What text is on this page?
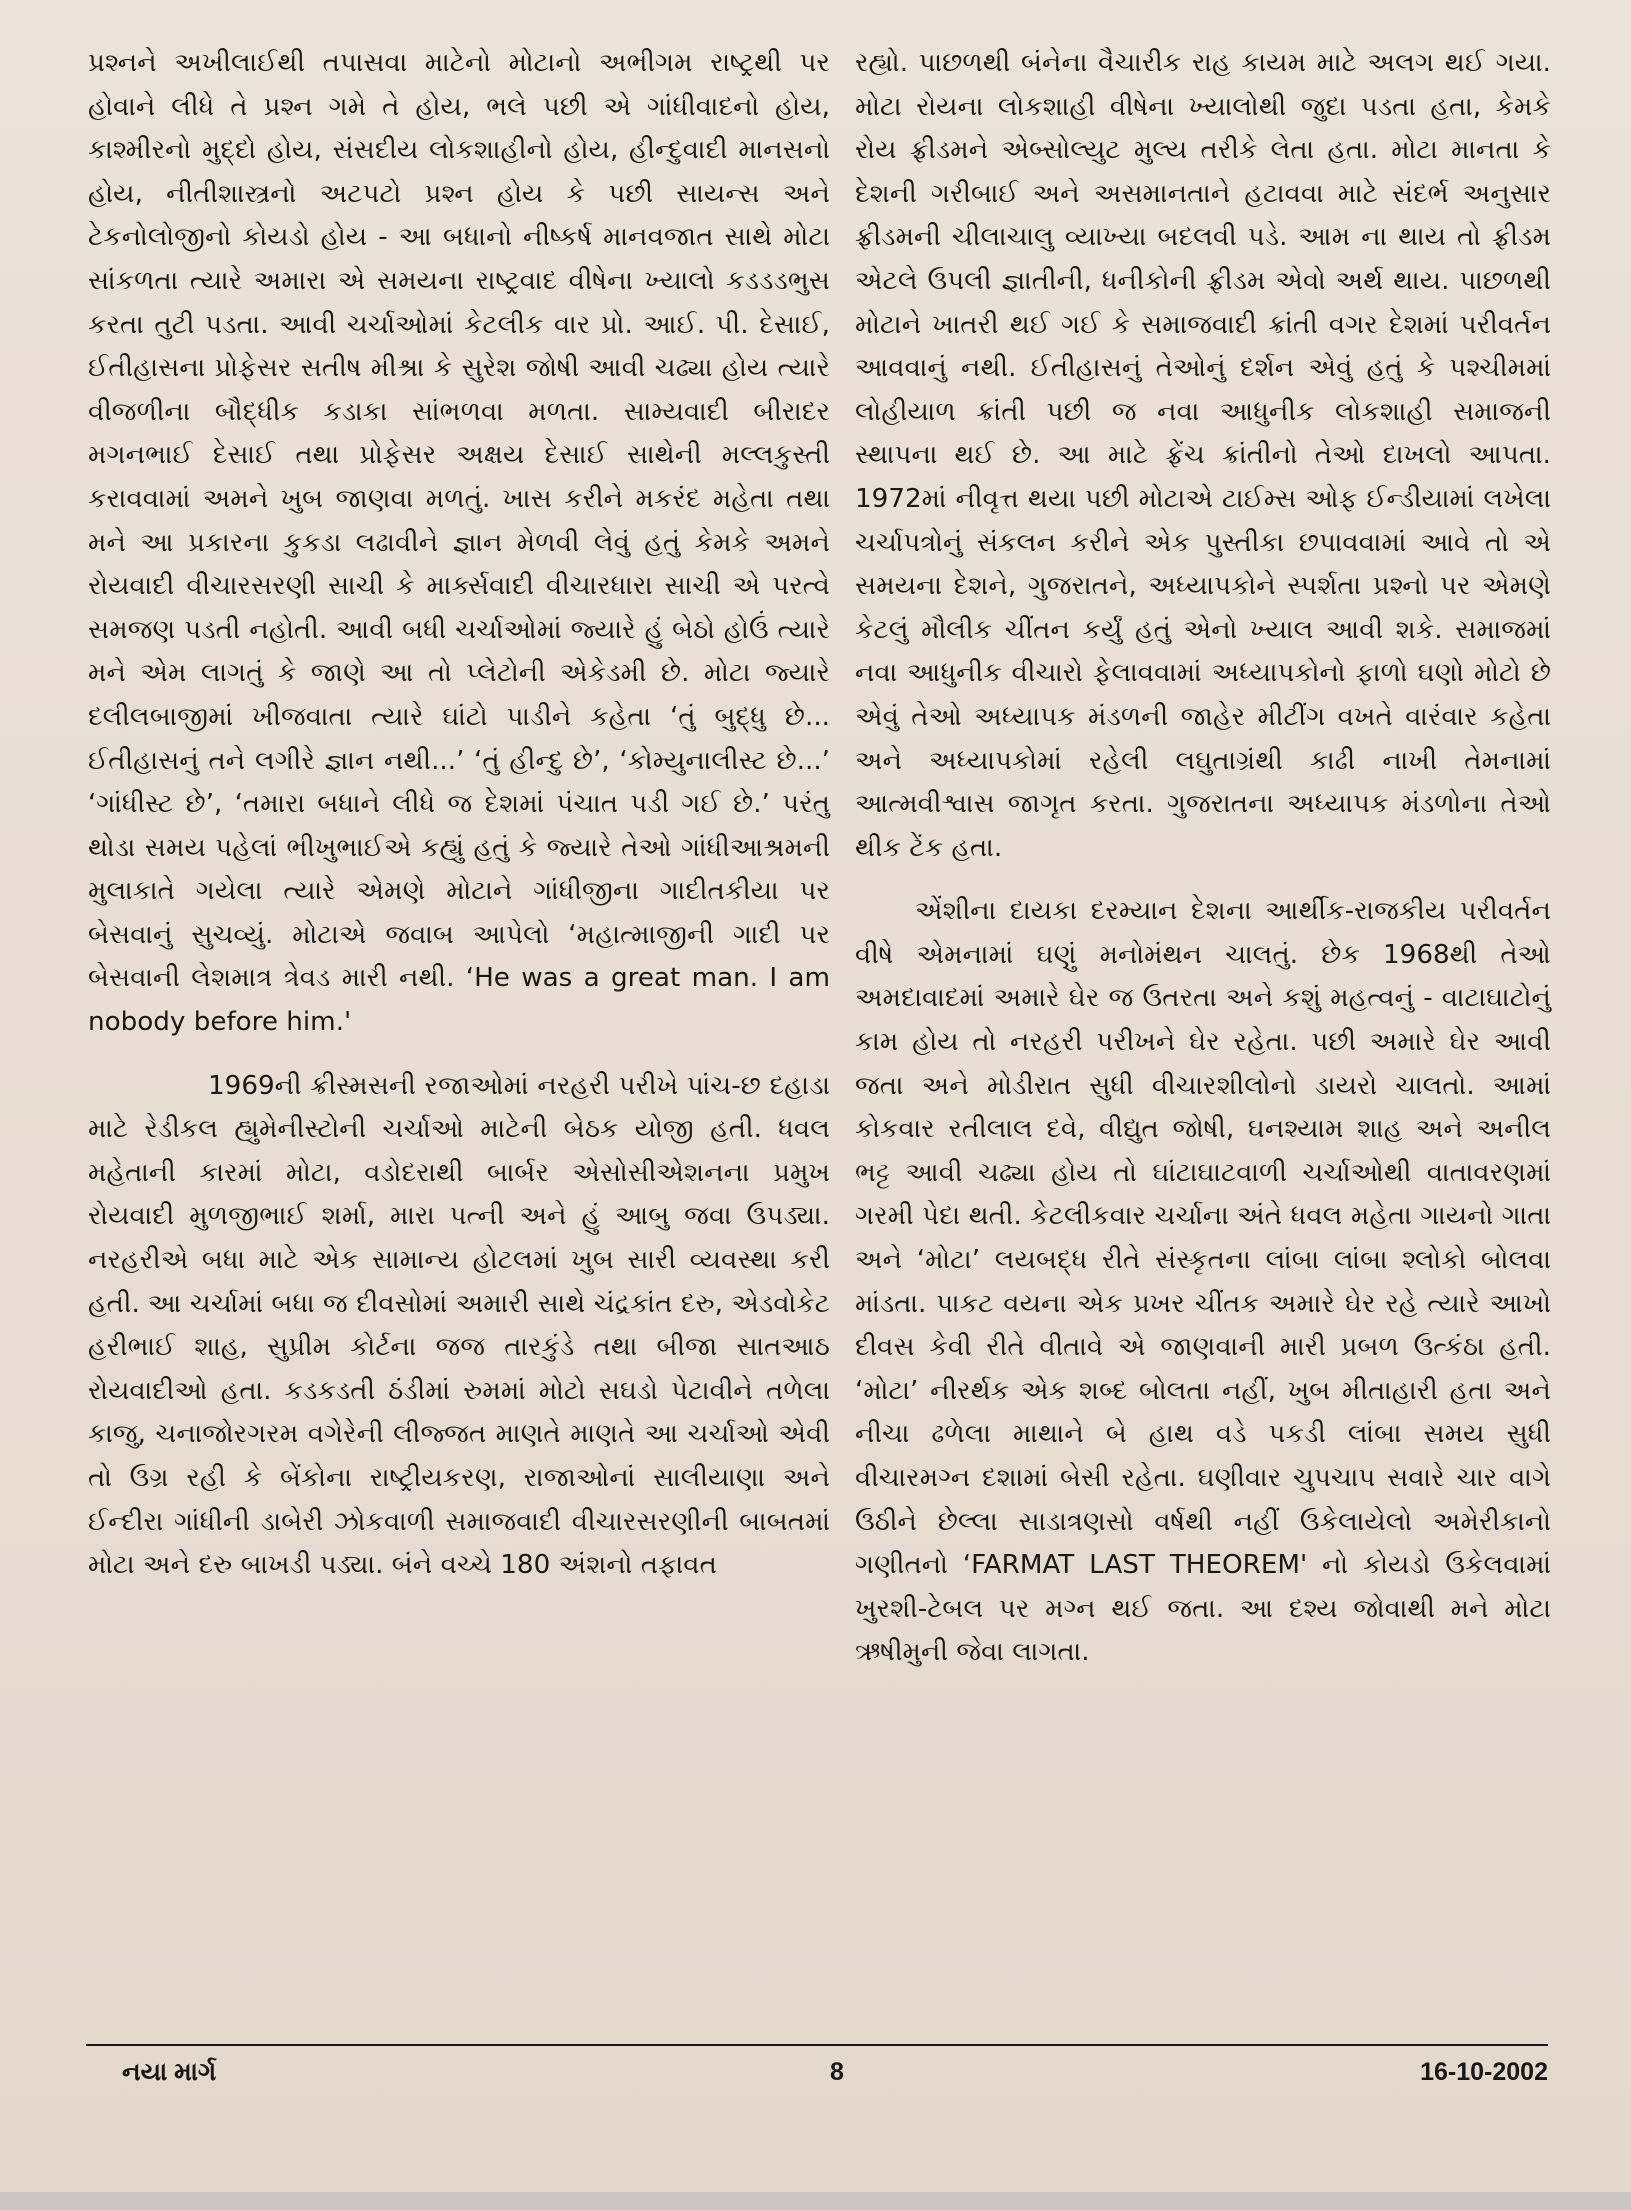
પ્રશ્નને અખીલાઈથી તપાસવા માટેનો મોટાનો અભીગમ રાષ્ટ્રથી પર હોવાને લીધે તે પ્રશ્ન ગમે તે હોય, ભલે પછી એ ગાંધીવાદનો હોય, કાશ્મીરનો મુદ્દો હોય, સંસદીય લોકશાહીનો હોય, હીન્દુવાદી માનસનો હોય, નીતીશાસ્ત્રનો અટપટો પ્રશ્ન હોય કે પછી સાયન્સ અને ટેકનોલોજીનો કોયડો હોય - આ બધાનો નીષ્કર્ષ માનવજાત સાથે મોટા સાંકળતા ત્યારે અમારા એ સમયના રાષ્ટ્રવાદ વીષેના ખ્યાલો કડડડભુસ કરતા તુટી પડતા. આવી ચર્ચાઓમાં કેટલીક વાર પ્રો. આઈ. પી. દેસાઈ, ઈતીહાસના પ્રોફેસર સતીષ મીશ્રા કે સુરેશ જોષી આવી ચઢ્યા હોય ત્યારે વીજળીના બૌદ્ધીક કડાકા સાંભળવા મળતા. સામ્યવાદી બીરાદર મગનભાઈ દેસાઈ તથા પ્રોફેસર અક્ષય દેસાઈ સાથેની મલ્લકુસ્તી કરાવવામાં અમને ખુબ જાણવા મળતું. ખાસ કરીને મકરંદ મહેતા તથા મને આ પ્રકારના કુકડા લઢાવીને જ્ઞાન મેળવી લેવું હતું કેમકે અમને રોયવાદી વીચારસરણી સાચી કે માર્ક્સવાદી વીચારધારા સાચી એ પરત્વે સમજણ પડતી નહોતી. આવી બધી ચર્ચાઓમાં જ્યારે હું બેઠો હોઉં ત્યારે મને એમ લાગતું કે જાણે આ તો પ્લેટોની એકેડમી છે. મોટા જ્યારે દલીલબાજીમાં ખીજવાતા ત્યારે ઘાંટો પાડીને કહેતા ‘તું બુદ્ધુ છે... ઈતીહાસનું તને લગીરે જ્ઞાન નથી...’ ‘તું હીન્દુ છે’, ‘કોમ્યુનાલીસ્ટ છે...’ ‘ગાંધીસ્ટ છે’, ‘તમારા બધાને લીધે જ દેશમાં પંચાત પડી ગઈ છે.’ પરંતુ થોડા સમય પહેલાં ભીખુભાઈએ કહ્યું હતું કે જ્યારે તેઓ ગાંધીઆશ્રમની મુલાકાતે ગયેલા ત્યારે એમણે મોટાને ગાંધીજીના ગાદીતકીયા પર બેસવાનું સુચવ્યું. મોટાએ જવાબ આપેલો ‘મહાત્માજીની ગાદી પર બેસવાની લેશમાત્ર ત્રેવડ મારી નથી. ‘He was a great man. I am nobody before him.'

1969ની ક્રીસ્મસની રજાઓમાં નરહરી પરીખે પાંચ-છ દહાડા માટે રેડીકલ હ્યુમેનીસ્ટોની ચર્ચાઓ માટેની બેઠક યોજી હતી. ધવલ મહેતાની કારમાં મોટા, વડોદરાથી બાર્બર એસોસીએશનના પ્રમુખ રોયવાદી મુળજીભાઈ શર્મા, મારા પત્ની અને હું આબુ જવા ઉપડ્યા. નરહરીએ બધા માટે એક સામાન્ય હોટલમાં ખુબ સારી વ્યવસ્થા કરી હતી. આ ચર્ચામાં બધા જ દીવસોમાં અમારી સાથે ચંદ્રકાંત દરુ, એડવોકેટ હરીભાઈ શાહ, સુપ્રીમ કોર્ટના જજ તારકુંડે તથા બીજા સાતઆઠ રોયવાદીઓ હતા. કડકડતી ઠંડીમાં રુમમાં મોટો સઘડો પેટાવીને તળેલા કાજુ, ચનાજોરગરમ વગેરેની લીજ્જત માણતે માણતે આ ચર્ચાઓ એવી તો ઉગ્ર રહી કે બેંકોના રાષ્ટ્રીયકરણ, રાજાઓનાં સાલીયાણા અને ઈન્દીરા ગાંધીની ડાબેરી ઝોકવાળી સમાજવાદી વીચારસરણીની બાબતમાં મોટા અને દરુ બાખડી પડ્યા. બંને વચ્ચે 180 અંશનો તફાવત

રહ્યો. પાછળથી બંનેના વૈચારીક રાહ કાયમ માટે અલગ થઈ ગયા. મોટા રોયના લોકશાહી વીષેના ખ્યાલોથી જુદા પડતા હતા, કેમકે રોય ફ્રીડમને એબ્સોલ્યુટ મુલ્ય તરીકે લેતા હતા. મોટા માનતા કે દેશની ગરીબાઈ અને અસમાનતાને હટાવવા માટે સંદર્ભ અનુસાર ફ્રીડમની ચીલાચાલુ વ્યાખ્યા બદલવી પડે. આમ ના થાય તો ફ્રીડમ એટલે ઉપલી જ્ઞાતીની, ધનીકોની ફ્રીડમ એવો અર્થ થાય. પાછળથી મોટાને ખાતરી થઈ ગઈ કે સમાજવાદી ક્રાંતી વગર દેશમાં પરીવર્તન આવવાનું નથી. ઈતીહાસનું તેઓનું દર્શન એવું હતું કે પશ્ચીમમાં લોહીયાળ ક્રાંતી પછી જ નવા આધુનીક લોકશાહી સમાજની સ્થાપના થઈ છે. આ માટે ફ્રેંચ ક્રાંતીનો તેઓ દાખલો આપતા. 1972માં નીવૃત્ત થયા પછી મોટાએ ટાઈમ્સ ઓફ ઈન્ડીયામાં લખેલા ચર્ચાપત્રોનું સંકલન કરીને એક પુસ્તીકા છપાવવામાં આવે તો એ સમયના દેશને, ગુજરાતને, અધ્યાપકોને સ્પર્શતા પ્રશ્નો પર એમણે કેટલું મૌલીક ચીંતન કર્યું હતું એનો ખ્યાલ આવી શકે. સમાજમાં નવા આધુનીક વીચારો ફેલાવવામાં અધ્યાપકોનો ફાળો ઘણો મોટો છે એવું તેઓ અધ્યાપક મંડળની જાહેર મીટીંગ વખતે વારંવાર કહેતા અને અધ્યાપકોમાં રહેલી લઘુતાગ્રંથી કાઢી નાખી તેમનામાં આત્મવીશ્વાસ જાગૃત કરતા. ગુજરાતના અધ્યાપક મંડળોના તેઓ થીક ટેંક હતા.

એંશીના દાયકા દરમ્યાન દેશના આર્થીક-રાજકીય પરીવર્તન વીષે એમનામાં ઘણું મનોમંથન ચાલતું. છેક 1968થી તેઓ અમદાવાદમાં અમારે ઘેર જ ઉતરતા અને કશું મહત્વનું - વાટાઘાટોનું કામ હોય તો નરહરી પરીખને ઘેર રહેતા. પછી અમારે ઘેર આવી જતા અને મોડીરાત સુધી વીચારશીલોનો ડાયરો ચાલતો. આમાં કોકવાર રતીલાલ દવે, વીદ્યુત જોષી, ઘનશ્યામ શાહ અને અનીલ ભટ્ટ આવી ચઢ્યા હોય તો ઘાંટાઘાટવાળી ચર્ચાઓથી વાતાવરણમાં ગરમી પેદા થતી. કેટલીકવાર ચર્ચાના અંતે ધવલ મહેતા ગાયનો ગાતા અને ‘મોટા’ લયબદ્ધ રીતે સંસ્કૃતના લાંબા લાંબા શ્લોકો બોલવા માંડતા. પાકટ વયના એક પ્રખર ચીંતક અમારે ઘેર રહે ત્યારે આખો દીવસ કેવી રીતે વીતાવે એ જાણવાની મારી પ્રબળ ઉત્કંઠા હતી. ‘મોટા’ નીરર્થક એક શબ્દ બોલતા નહીં, ખુબ મીતાહારી હતા અને નીચા ઢળેલા માથાને બે હાથ વડે પકડી લાંબા સમય સુધી વીચારમગ્ન દશામાં બેસી રહેતા. ઘણીવાર ચુપચાપ સવારે ચાર વાગે ઉઠીને છેલ્લા સાડાત્રણસો વર્ષથી નહીં ઉકેલાયેલો અમેરીકાનો ગણીતનો ‘FARMAT LAST THEOREM' નો કોયડો ઉકેલવામાં ખુરશી-ટેબલ પર મગ્ન થઈ જતા. આ દશ્ય જોવાથી મને મોટા ઋષીમુની જેવા લાગતા.

નયા માર્ગ	8	16-10-2002
